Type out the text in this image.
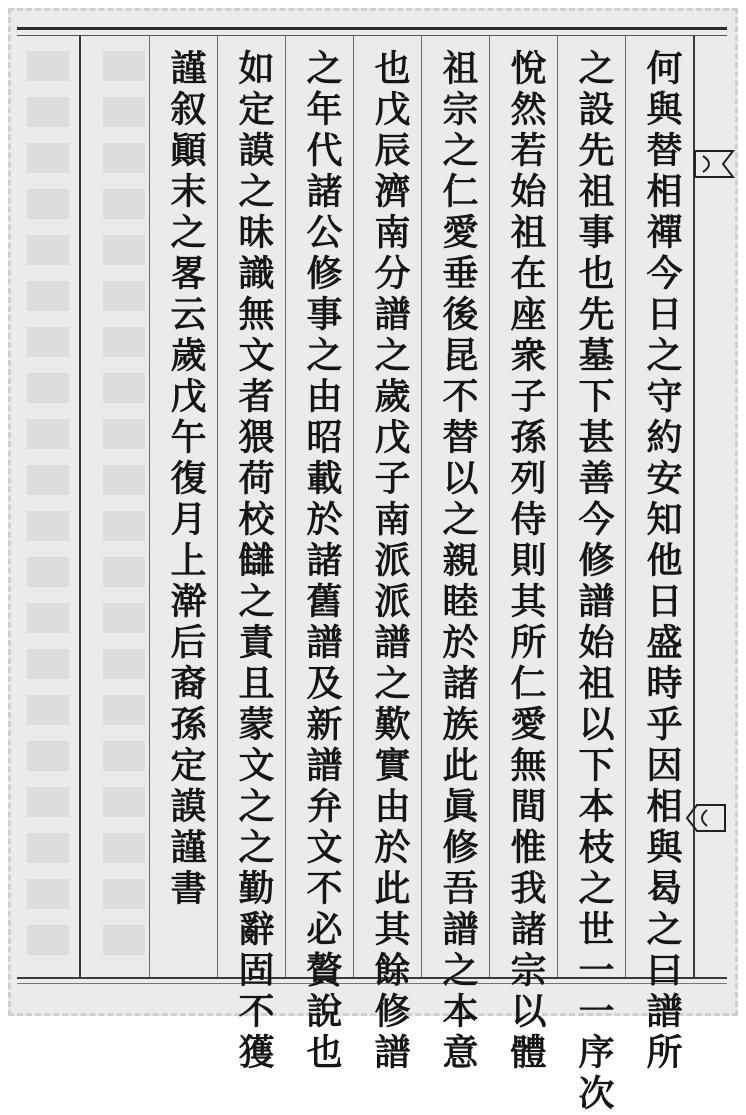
何與替相禪今日之守約安知他日盛時乎因相與曷之曰譜所
之設先祖事也先墓下甚善今修譜始祖以下本枝之世一一序次
悅然若始祖在座衆子孫列侍則其所仁愛無間惟我諸宗以體
祖宗之仁愛垂後昆不替以之親睦於諸族此眞修吾譜之本意
也戊辰濟南分譜之歲戊子南派派譜之歎實由於此其餘修譜
之年代諸公修事之由昭載於諸舊譜及新譜弁文不必贅說也
如定謨之昧識無文者猥荷校讎之責且蒙文之之勤辭固不獲
謹叙顚末之畧云歲戊午復月上澣后裔孫定謨謹書
